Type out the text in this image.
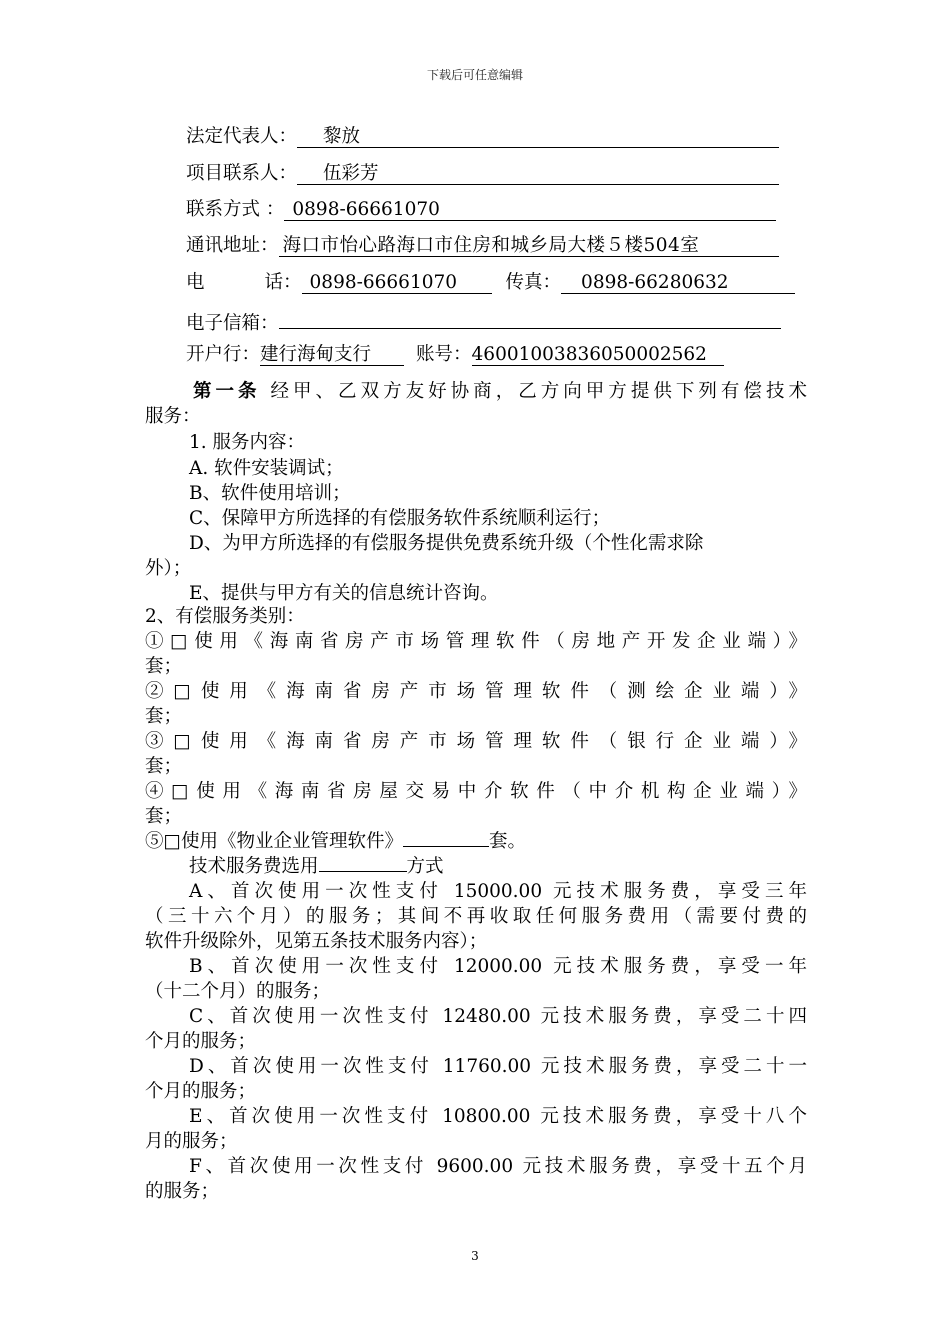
下载后可任意编辑
法定代表人： 黎放
项目联系人： 伍彩芳
联系方式 ： 0898-66661070
通讯地址： 海口市怡心路海口市住房和城乡局大楼５楼504室
电	话： 0898-66661070	传真： 0898-66280632
电子信箱：
开户行：建行海甸支行 账号：46001003836050002562
第一条 经甲、乙双方友好协商，乙方向甲方提供下列有偿技术
服务：
1. 服务内容：
A. 软件安装调试；
B、软件使用培训；
C、保障甲方所选择的有偿服务软件系统顺利运行；
D、为甲方所选择的有偿服务提供免费系统升级（个性化需求除
外）；
E、提供与甲方有关的信息统计咨询。
2、有偿服务类别：
①□使用《海南省房产市场管理软件（房地产开发企业端）》
套；
②□使用《海南省房产市场管理软件（测绘企业端）》
套；
③□使用《海南省房产市场管理软件（银行企业端）》
套；
④□使用《海南省房屋交易中介软件（中介机构企业端）》
套；
⑤□使用《物业企业管理软件》	套。
技术服务费选用	方式
A、首次使用一次性支付 15000.00 元技术服务费，享受三年
（三十六个月）的服务；其间不再收取任何服务费用（需要付费的
软件升级除外，见第五条技术服务内容）；
B、首次使用一次性支付 12000.00 元技术服务费，享受一年
（十二个月）的服务；
C、首次使用一次性支付 12480.00 元技术服务费，享受二十四
个月的服务；
D、首次使用一次性支付 11760.00 元技术服务费，享受二十一
个月的服务；
E、首次使用一次性支付 10800.00 元技术服务费，享受十八个
月的服务；
F、首次使用一次性支付 9600.00 元技术服务费，享受十五个月
的服务；
3
